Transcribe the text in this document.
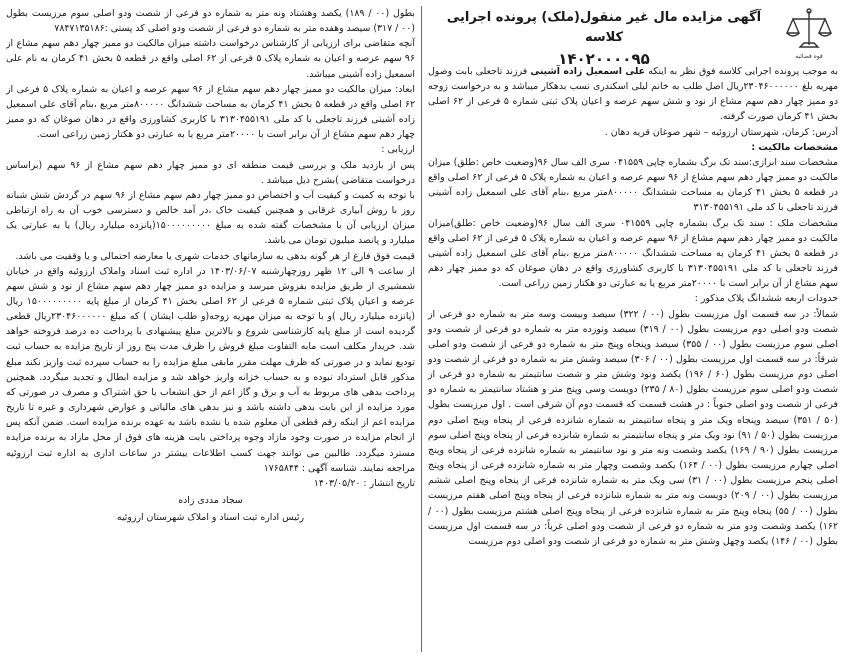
قوه قضائیه
آگهی مزایده مال غیر منقول(ملک) پرونده اجرایی کلاسه
۱۴۰۲۰۰۰۰۹۵
به موجب پرونده اجرایی کلاسه فوق نظر به اینکه علی اسمعیل زاده آشینی فرزند تاجعلی بابت وصول مهریه بلغ ۲۳۰۴۶۰۰۰۰۰۰ریال اصل طلب به خانم لیلی اسکندری نسب بدهکار میباشد و به درخواست زوجه دو ممیز چهار دهم سهم مشاع از نود و شش سهم عرصه و اعیان پلاک ثبتی شماره ۵ فرعی از ۶۲ اصلی بخش ۴۱ کرمان صورت گرفته.
آدرس: کرمان، شهرستان ارزوئیه – شهر صوغان قریه دهان .
مشخصات مالکیت :
مشخصات سند ابرازی:سند تک برگ بشماره چاپی ۰۴۱۵۵۹ سری الف سال ۹۶(وضعیت خاص :طلق) میزان مالکیت دو ممیز چهار دهم سهم مشاع از ۹۶ سهم عرصه و اعیان به شماره پلاک ۵ فرعی از ۶۲ اصلی واقع در قطعه ۵ بخش ۴۱ کرمان به مساحت ششدانگ ۸۰۰۰۰۰متر مربع ،بنام آقای علی اسمعیل زاده آشینی فرزند تاجعلی با کد ملی ۳۱۳۰۴۵۵۱۹۱
مشخصات ملک : سند تک برگ بشماره چاپی ۰۴۱۵۵۹ سری الف سال ۹۶(وضعیت خاص :طلق)میزان مالکیت دو ممیز چهار دهم سهم مشاع از ۹۶ سهم عرصه و اعیان به شماره پلاک ۵ فرعی از ۶۲ اصلی واقع در قطعه ۵ بخش ۴۱ کرمان به مساحت ششدانگ ۸۰۰۰۰۰متر مربع ،بنام آقای علی اسمعیل زاده آشینی فرزند تاجعلی با کد ملی ۳۱۳۰۴۵۵۱۹۱ با کاربری کشاورزی واقع در دهان صوغان که دو ممیز چهار دهم سهم مشاع از آن برابر است با ۲۰۰۰۰متر مربع یا به عبارتی دو هکتار زمین زراعی است.
حدودات اربعه ششدانگ پلاک مذکور :
شمالاً: در سه قسمت اول مرزیست بطول (۰۰ / ۳۲۲) سیصد وبیست وسه متر به شماره دو فرعی از شصت ودو اصلی دوم مرزیست بطول (۰۰ / ۳۱۹) سیصد ونوزده متر به شماره دو فرعی از شصت ودو اصلی سوم مرزیست بطول (۰۰ / ۳۵۵) سیصد وپنجاه وپنج متر به شماره دو فرعی از شصت ودو اصلی شرقاً: در سه قسمت اول مرزیست بطول (۰۰ / ۳۰۶) سیصد وشش متر به شماره دو فرعی از شصت ودو اصلی دوم مرزیست بطول (۶۰ / ۱۹۶) یکصد ونود وشش متر و شصت سانتیمتر به شماره دو فرعی از شصت ودو اصلی سوم مرزیست بطول (۸۰ / ۲۳۵) دویست وسی وپنج متر و هشتاد سانتیمتر به شماره دو فرعی از شصت ودو اصلی جنوباً : در هشت قسمت که قسمت دوم آن شرقی است . اول مرزیست بطول (۵۰ / ۳۵۱) سیصد وپنجاه ویک متر و پنجاه سانتیمتر به شماره شانزده فرعی از پنجاه وپنج اصلی دوم مرزیست بطول (۵۰ / ۹۱) نود ویک متر و پنجاه سانتیمتر به شماره شانزده فرعی از پنجاه وپنج اصلی سوم مرزیست بطول (۹۰ / ۱۶۹) یکصد وشصت ونه متر و نود سانتیمتر به شماره شانزده فرعی از پنجاه وپنج اصلی چهارم مرزیست بطول (۰۰ / ۱۶۴) یکصد وشصت وچهار متر به شماره شانزده فرعی از پنجاه وپنج اصلی پنجم مرزیست بطول (۰۰ / ۳۱) سی ویک متر به شماره شانزده فرعی از پنجاه وپنج اصلی ششم مرزیست بطول (۰۰ / ۲۰۹) دویست ونه متر به شماره شانزده فرعی از پنجاه وپنج اصلی هفتم مرزیست بطول (۰۰ / ۵۵) پنجاه وپنج متر به شماره شانزده فرعی از پنجاه وپنج اصلی هشتم مرزیست بطول (۰۰ / ۱۶۲) یکصد وشصت ودو متر به شماره دو فرعی از شصت ودو اصلی غرباً: در سه قسمت اول مرزیست بطول (۰۰ / ۱۴۶) یکصد وچهل وشش متر به شماره دو فرعی از شصت ودو اصلی دوم مرزیست
بطول (۰۰ / ۱۸۹) یکصد وهشتاد ونه متر به شماره دو فرعی از شصت ودو اصلی سوم مرزیست بطول (۰۰ / ۳۱۷) سیصد وهفده متر به شماره دو فرعی از شصت ودو اصلی کد پستی :۷۸۴۷۱۳۵۱۸۶
آنچه متقاضی برای ارزیابی از کارشناس درخواست داشته میزان مالکیت دو ممیز چهار دهم سهم مشاع از ۹۶ سهم عرصه و اعیان به شماره پلاک ۵ فرعی از ۶۲ اصلی واقع در قطعه ۵ بخش ۴۱ کرمان به نام علی اسمعیل زاده آشینی میباشد.
ابعاد: میزان مالکیت دو ممیز چهار دهم سهم مشاع از ۹۶ سهم عرصه و اعیان به شماره پلاک ۵ فرعی از ۶۲ اصلی واقع در قطعه ۵ بخش ۴۱ کرمان به مساحت ششدانگ ۸۰۰۰۰۰متر مربع ،بنام آقای علی اسمعیل زاده آشینی فرزند تاجعلی با کد ملی ۳۱۳۰۴۵۵۱۹۱ با کاربری کشاورزی واقع در دهان صوغان که دو ممیز چهار دهم سهم مشاع از آن برابر است با ۲۰۰۰۰متر مربع یا به عبارتی دو هکتار زمین زراعی است.
ارزیابی :
پس از بازدید ملک و بررسی قیمت منطقه ای دو ممیز چهار دهم سهم مشاع از ۹۶ سهم (براساس درخواست متقاضی )بشرح ذیل میباشد .
با توجه به کمیت و کیفیت آب و اختصاص دو ممیز چهار دهم سهم مشاع از ۹۶ سهم در گردش شش شبانه روز با روش آبیاری غرقابی و همچنین کیفیت خاک ،در آمد خالص و دسترسی خوب آن به راه ارتباطی میزان ارزیابی آن با مشخصات گفته شده به مبلغ ۱۵۰۰۰۰۰۰۰۰۰(پانزده میلیارد ریال) یا به عبارتی یک میلیارد و پانصد میلیون تومان می باشد.
قیمت فوق فارغ از هر گونه بدهی به سازمانهای خدمات شهری یا معارضه احتمالی و یا وقفیت می باشد.
از ساعت ۹ الی ۱۲ ظهر روزچهارشنبه ۱۴۰۳/۰۶/۰۷ در اداره ثبت اسناد واملاک ارزوئیه واقع در خیابان شمشیری از طریق مزایده بفروش میرسد و مزایده دو ممیز چهار دهم سهم مشاع از نود و شش سهم عرصه و اعیان پلاک ثبتی شماره ۵ فرعی از ۶۲ اصلی بخش ۴۱ کرمان از مبلغ پایه ۱۵۰۰۰۰۰۰۰۰۰ ریال (پانزده میلیارد ریال )و با توجه به میزان مهریه زوجه(و طلب ایشان ) که مبلغ ۲۳۰۴۶۰۰۰۰۰۰ریال قطعی گردیده است از مبلغ پایه کارشناسی شروع و بالاترین مبلغ پیشنهادی با پرداخت ده درصد فروخته خواهد شد. خریدار مکلف است مابه التفاوت مبلغ فروش را ظرف مدت پنج روز از تاریخ مزایده به حساب ثبت تودیع نماید و در صورتی که ظرف مهلت مقرر مابقی مبلغ مزایده را به حساب سپرده ثبت واریز نکند مبلغ مذکور قابل استرداد نبوده و به حساب خزانه واریز خواهد شد و مزایده ابطال و تجدید میگردد. همچنین پرداخت بدهی های مربوط به آب و برق و گاز اعم از حق انشعاب یا حق اشتراک و مصرف در صورتی که مورد مزایده از این بابت بدهی داشته باشد و نیز بدهی های مالیاتی و عوارض شهرداری و غیره تا تاریخ مزایده اعم از اینکه رقم قطعی آن معلوم شده یا نشده باشد به عهده برنده مزایده است. ضمن آنکه پس از انجام مزایده در صورت وجود مازاد وجوه پرداختی بابت هزینه های فوق از محل مازاد به برنده مزایده مسترد میگردد. طالبین می توانند جهت کسب اطلاعات بیشتر در ساعات اداری به اداره ثبت ارزوئیه مراجعه نمایند. شناسه آگهی : ۱۷۶۵۸۴۴
تاریخ انتشار : ۱۴۰۳/۰۵/۲۰
سجاد مددی زاده
رئیس اداره ثبت اسناد و املاک شهرستان ارزوئیه
